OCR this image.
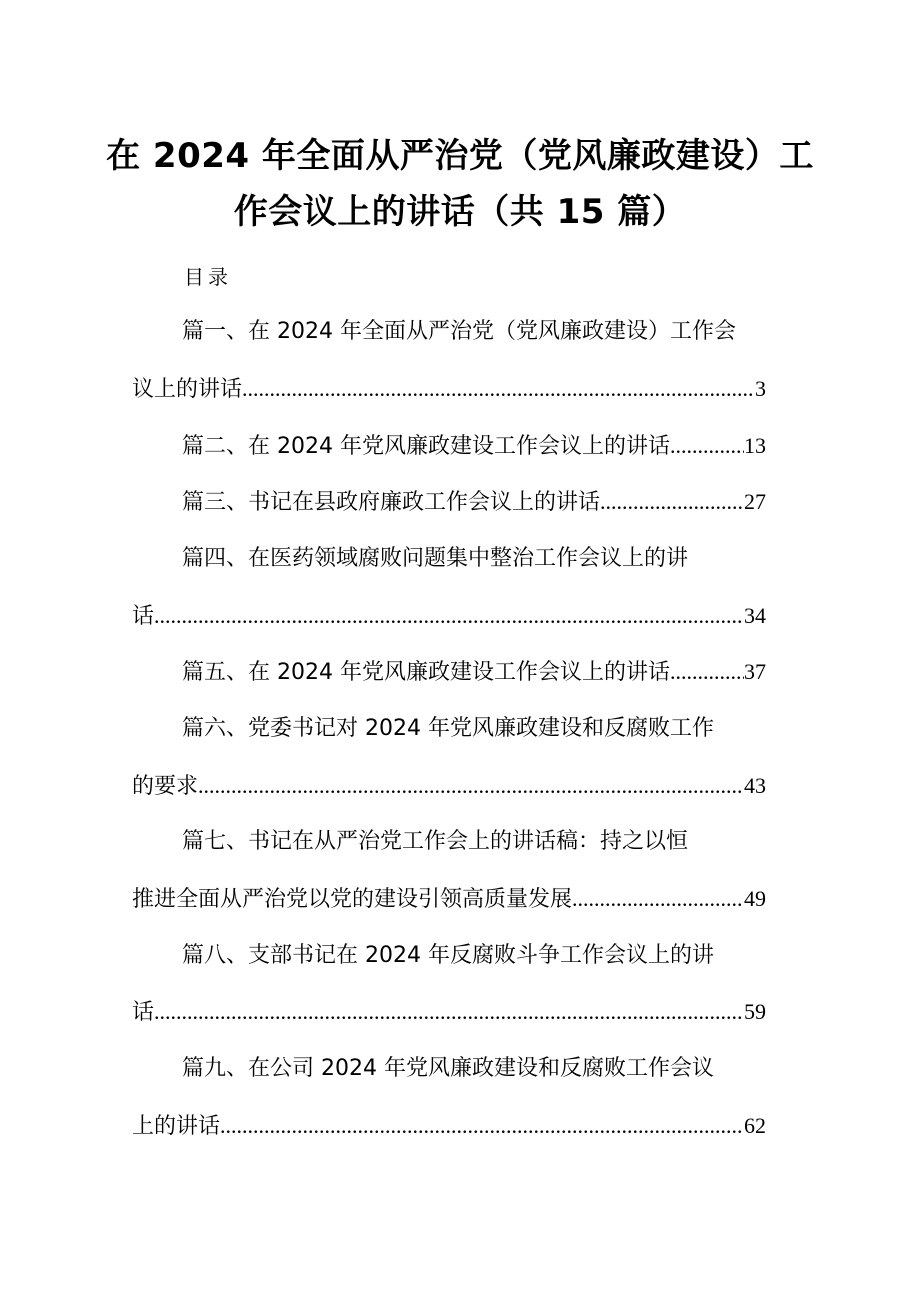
在 2024 年全面从严治党（党风廉政建设）工
作会议上的讲话（共 15 篇）
目录
篇一、在 2024 年全面从严治党（党风廉政建设）工作会
议上的讲话 .....	3
篇二、在 2024 年党风廉政建设工作会议上的讲话 .....	13
篇三、书记在县政府廉政工作会议上的讲话 .....	27
篇四、在医药领域腐败问题集中整治工作会议上的讲
话 .....	34
篇五、在 2024 年党风廉政建设工作会议上的讲话 .....	37
篇六、党委书记对 2024 年党风廉政建设和反腐败工作
的要求 .....	43
篇七、书记在从严治党工作会上的讲话稿：持之以恒
推进全面从严治党以党的建设引领高质量发展 .....	49
篇八、支部书记在 2024 年反腐败斗争工作会议上的讲
话 .....	59
篇九、在公司 2024 年党风廉政建设和反腐败工作会议
上的讲话 .....	62
